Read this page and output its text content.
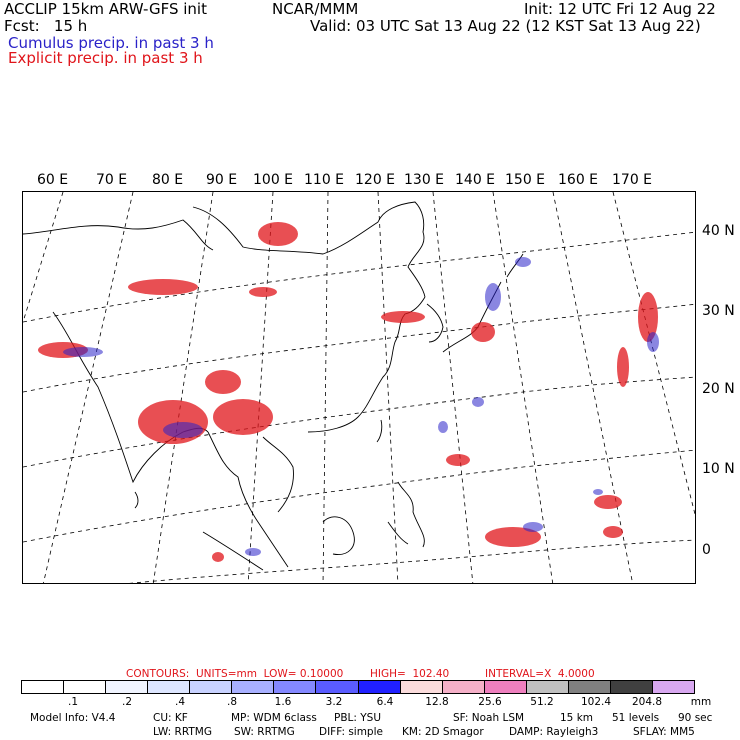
ACCLIP 15km ARW-GFS init	NCAR/MMM	Init: 12 UTC Fri 12 Aug 22
Fcst:   15 h	Valid: 03 UTC Sat 13 Aug 22 (12 KST Sat 13 Aug 22)
Cumulus precip. in past 3 h
Explicit precip. in past 3 h
60 E 70 E 80 E 90 E 100 E 110 E 120 E 130 E 140 E 150 E 160 E 170 E
40 N
30 N
20 N
10 N
0
CONTOURS:  UNITS=mm  LOW= 0.10000	HIGH=  102.40	INTERVAL=X  4.0000
.1	.2	.4	.8	1.6	3.2	6.4	12.8	25.6	51.2	102.4 204.8	mm
Model Info: V4.4	CU: KF	MP: WDM 6class PBL: YSU	SF: Noah LSM	15 km 51 levels 90 sec
LW: RRTMG SW: RRTMG DIFF: simple KM: 2D Smagor DAMP: Rayleigh3	SFLAY: MM5
